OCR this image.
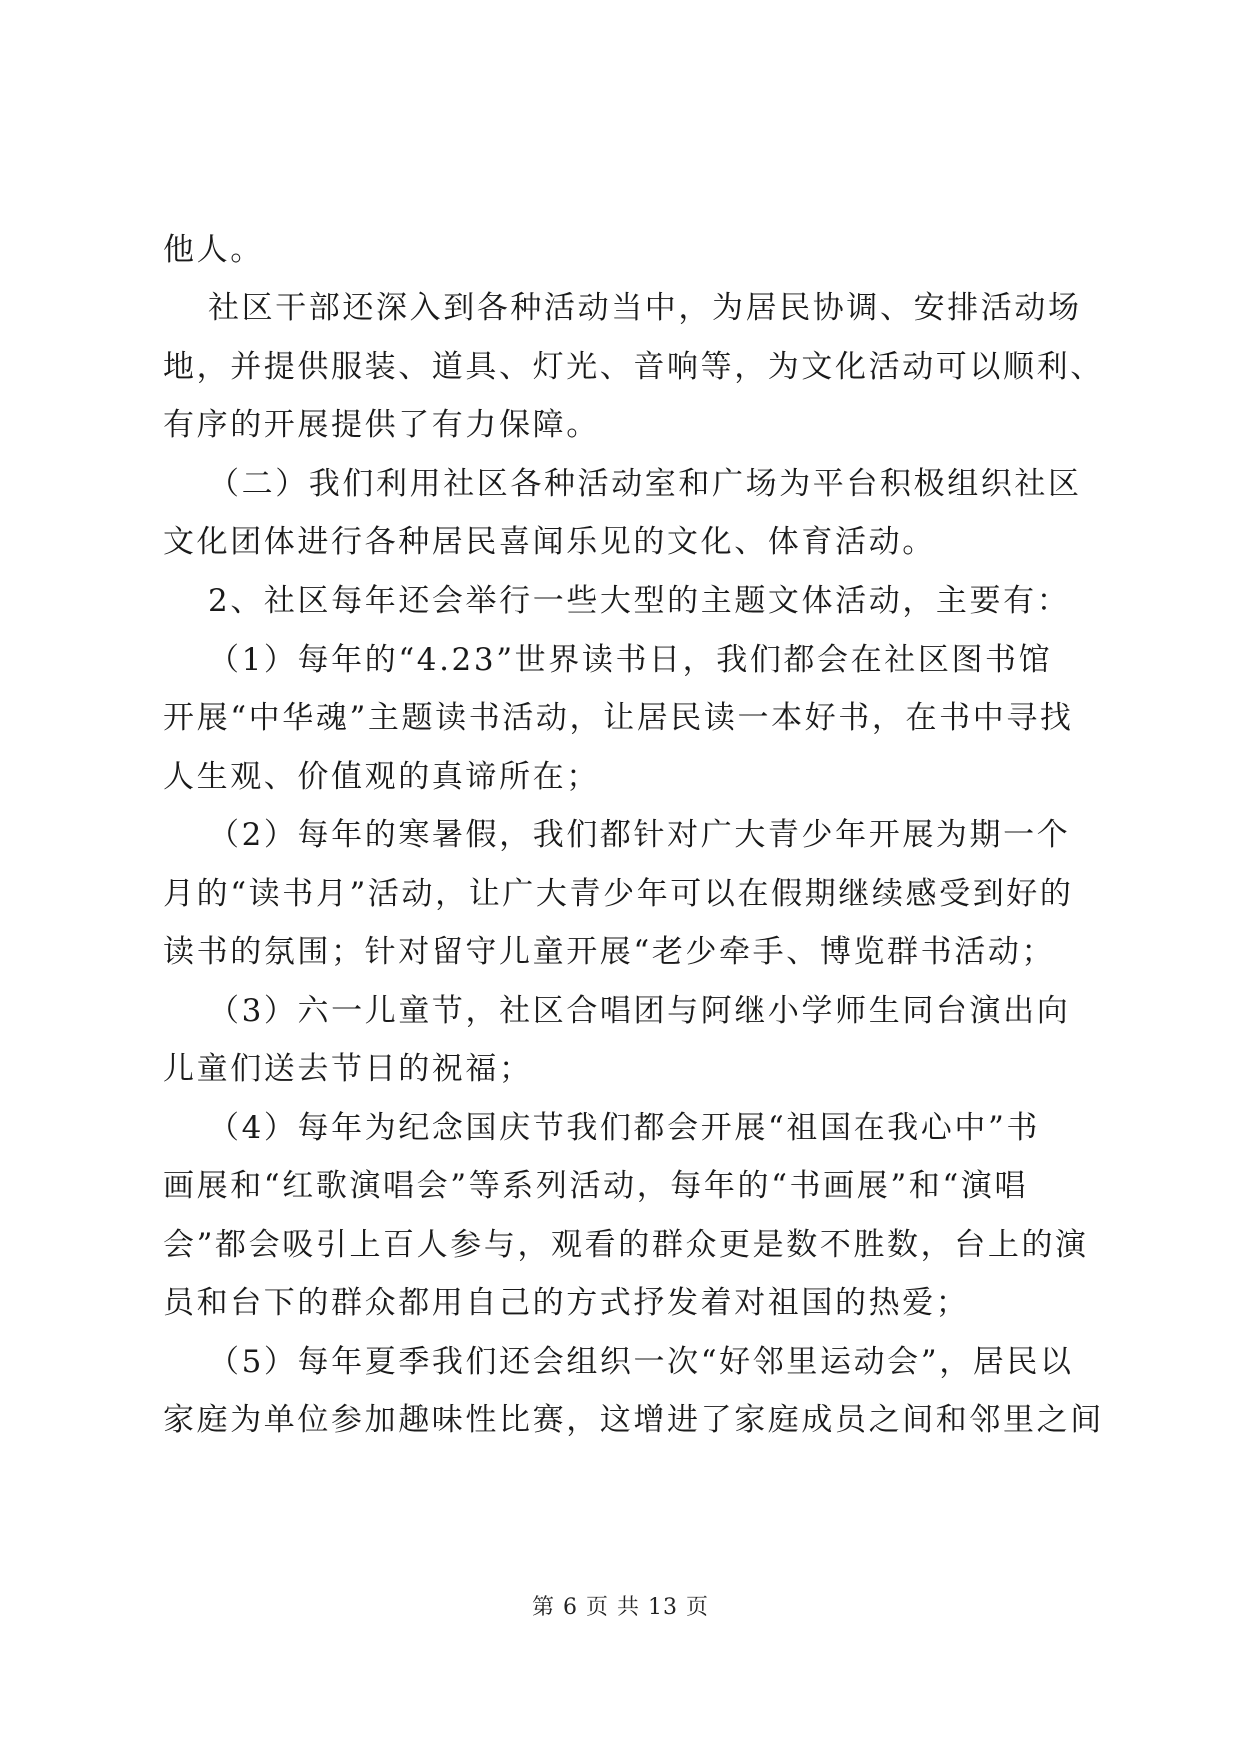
他人。
社区干部还深入到各种活动当中，为居民协调、安排活动场
地，并提供服装、道具、灯光、音响等，为文化活动可以顺利、
有序的开展提供了有力保障。
（二）我们利用社区各种活动室和广场为平台积极组织社区
文化团体进行各种居民喜闻乐见的文化、体育活动。
2、社区每年还会举行一些大型的主题文体活动，主要有：
（1）每年的“4.23”世界读书日，我们都会在社区图书馆
开展“中华魂”主题读书活动，让居民读一本好书，在书中寻找
人生观、价值观的真谛所在；
（2）每年的寒暑假，我们都针对广大青少年开展为期一个
月的“读书月”活动，让广大青少年可以在假期继续感受到好的
读书的氛围；针对留守儿童开展“老少牵手、博览群书活动；
（3）六一儿童节，社区合唱团与阿继小学师生同台演出向
儿童们送去节日的祝福；
（4）每年为纪念国庆节我们都会开展“祖国在我心中”书
画展和“红歌演唱会”等系列活动，每年的“书画展”和“演唱
会”都会吸引上百人参与，观看的群众更是数不胜数，台上的演
员和台下的群众都用自己的方式抒发着对祖国的热爱；
（5）每年夏季我们还会组织一次“好邻里运动会”，居民以
家庭为单位参加趣味性比赛，这增进了家庭成员之间和邻里之间
第 6 页 共 13 页
